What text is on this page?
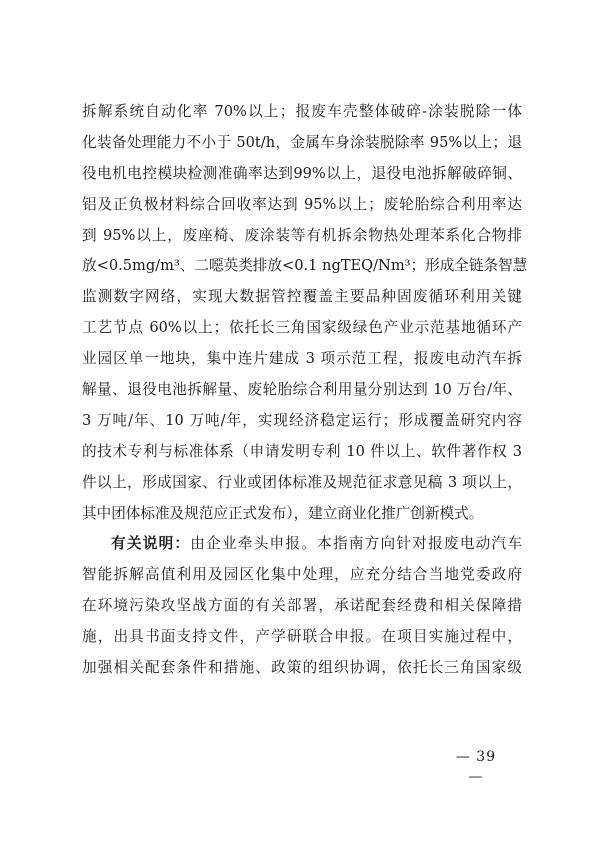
拆解系统自动化率 70%以上；报废车壳整体破碎-涂装脱除一体
化装备处理能力不小于 50t/h，金属车身涂装脱除率 95%以上；退
役电机电控模块检测准确率达到99%以上，退役电池拆解破碎铜、
铝及正负极材料综合回收率达到 95%以上；废轮胎综合利用率达
到 95%以上，废座椅、废涂装等有机拆余物热处理苯系化合物排
放<0.5mg/m³、二噁英类排放<0.1 ngTEQ/Nm³；形成全链条智慧
监测数字网络，实现大数据管控覆盖主要品种固废循环利用关键
工艺节点 60%以上；依托长三角国家级绿色产业示范基地循环产
业园区单一地块，集中连片建成 3 项示范工程，报废电动汽车拆
解量、退役电池拆解量、废轮胎综合利用量分别达到 10 万台/年、
3 万吨/年、10 万吨/年，实现经济稳定运行；形成覆盖研究内容
的技术专利与标准体系（申请发明专利 10 件以上、软件著作权 3
件以上，形成国家、行业或团体标准及规范征求意见稿 3 项以上，
其中团体标准及规范应正式发布），建立商业化推广创新模式。
有关说明：由企业牵头申报。本指南方向针对报废电动汽车
智能拆解高值利用及园区化集中处理，应充分结合当地党委政府
在环境污染攻坚战方面的有关部署，承诺配套经费和相关保障措
施，出具书面支持文件，产学研联合申报。在项目实施过程中，
加强相关配套条件和措施、政策的组织协调，依托长三角国家级
— 39 —
